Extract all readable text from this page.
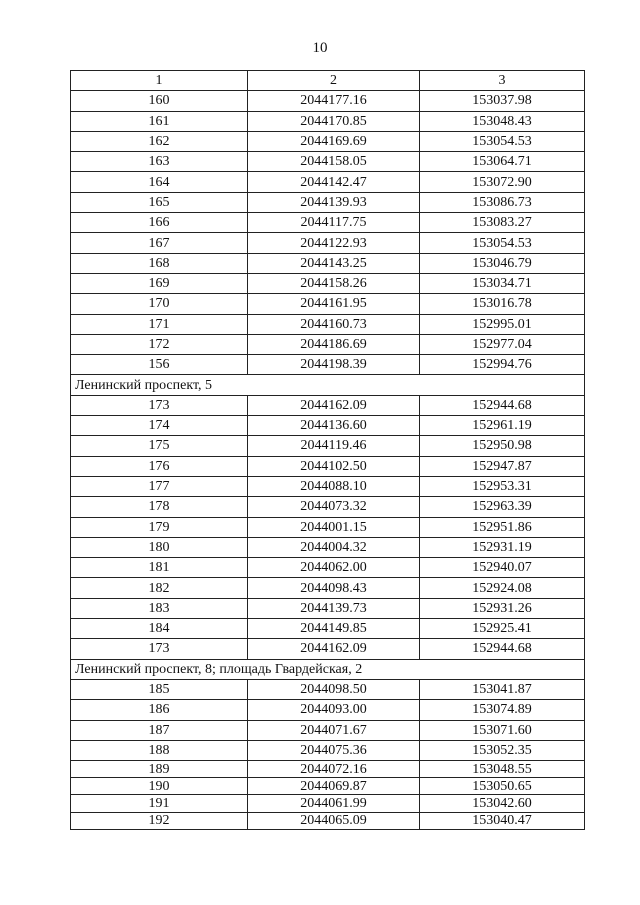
10
1	2	3
160	2044177.16	153037.98
161	2044170.85	153048.43
162	2044169.69	153054.53
163	2044158.05	153064.71
164	2044142.47	153072.90
165	2044139.93	153086.73
166	2044117.75	153083.27
167	2044122.93	153054.53
168	2044143.25	153046.79
169	2044158.26	153034.71
170	2044161.95	153016.78
171	2044160.73	152995.01
172	2044186.69	152977.04
156	2044198.39	152994.76
Ленинский проспект, 5		
173	2044162.09	152944.68
174	2044136.60	152961.19
175	2044119.46	152950.98
176	2044102.50	152947.87
177	2044088.10	152953.31
178	2044073.32	152963.39
179	2044001.15	152951.86
180	2044004.32	152931.19
181	2044062.00	152940.07
182	2044098.43	152924.08
183	2044139.73	152931.26
184	2044149.85	152925.41
173	2044162.09	152944.68
Ленинский проспект, 8; площадь Гвардейская, 2		
185	2044098.50	153041.87
186	2044093.00	153074.89
187	2044071.67	153071.60
188	2044075.36	153052.35
189	2044072.16	153048.55
190	2044069.87	153050.65
191	2044061.99	153042.60
192	2044065.09	153040.47
